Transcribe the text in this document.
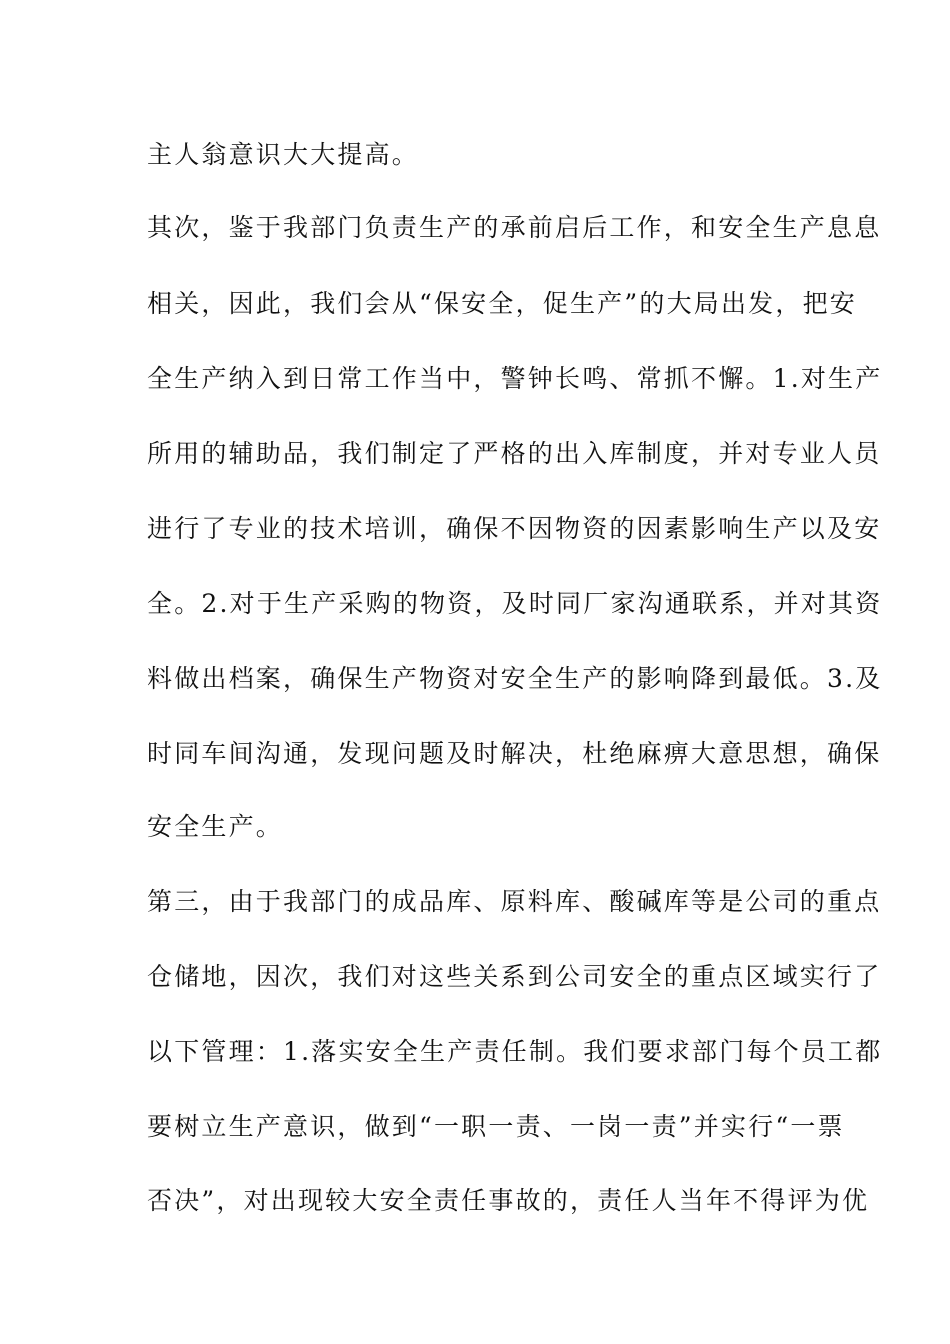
主人翁意识大大提高。
其次，鉴于我部门负责生产的承前启后工作，和安全生产息息
相关，因此，我们会从“保安全，促生产”的大局出发，把安
全生产纳入到日常工作当中，警钟长鸣、常抓不懈。1.对生产
所用的辅助品，我们制定了严格的出入库制度，并对专业人员
进行了专业的技术培训，确保不因物资的因素影响生产以及安
全。2.对于生产采购的物资，及时同厂家沟通联系，并对其资
料做出档案，确保生产物资对安全生产的影响降到最低。3.及
时同车间沟通，发现问题及时解决，杜绝麻痹大意思想，确保
安全生产。
第三，由于我部门的成品库、原料库、酸碱库等是公司的重点
仓储地，因次，我们对这些关系到公司安全的重点区域实行了
以下管理：1.落实安全生产责任制。我们要求部门每个员工都
要树立生产意识，做到“一职一责、一岗一责”并实行“一票
否决”，对出现较大安全责任事故的，责任人当年不得评为优
